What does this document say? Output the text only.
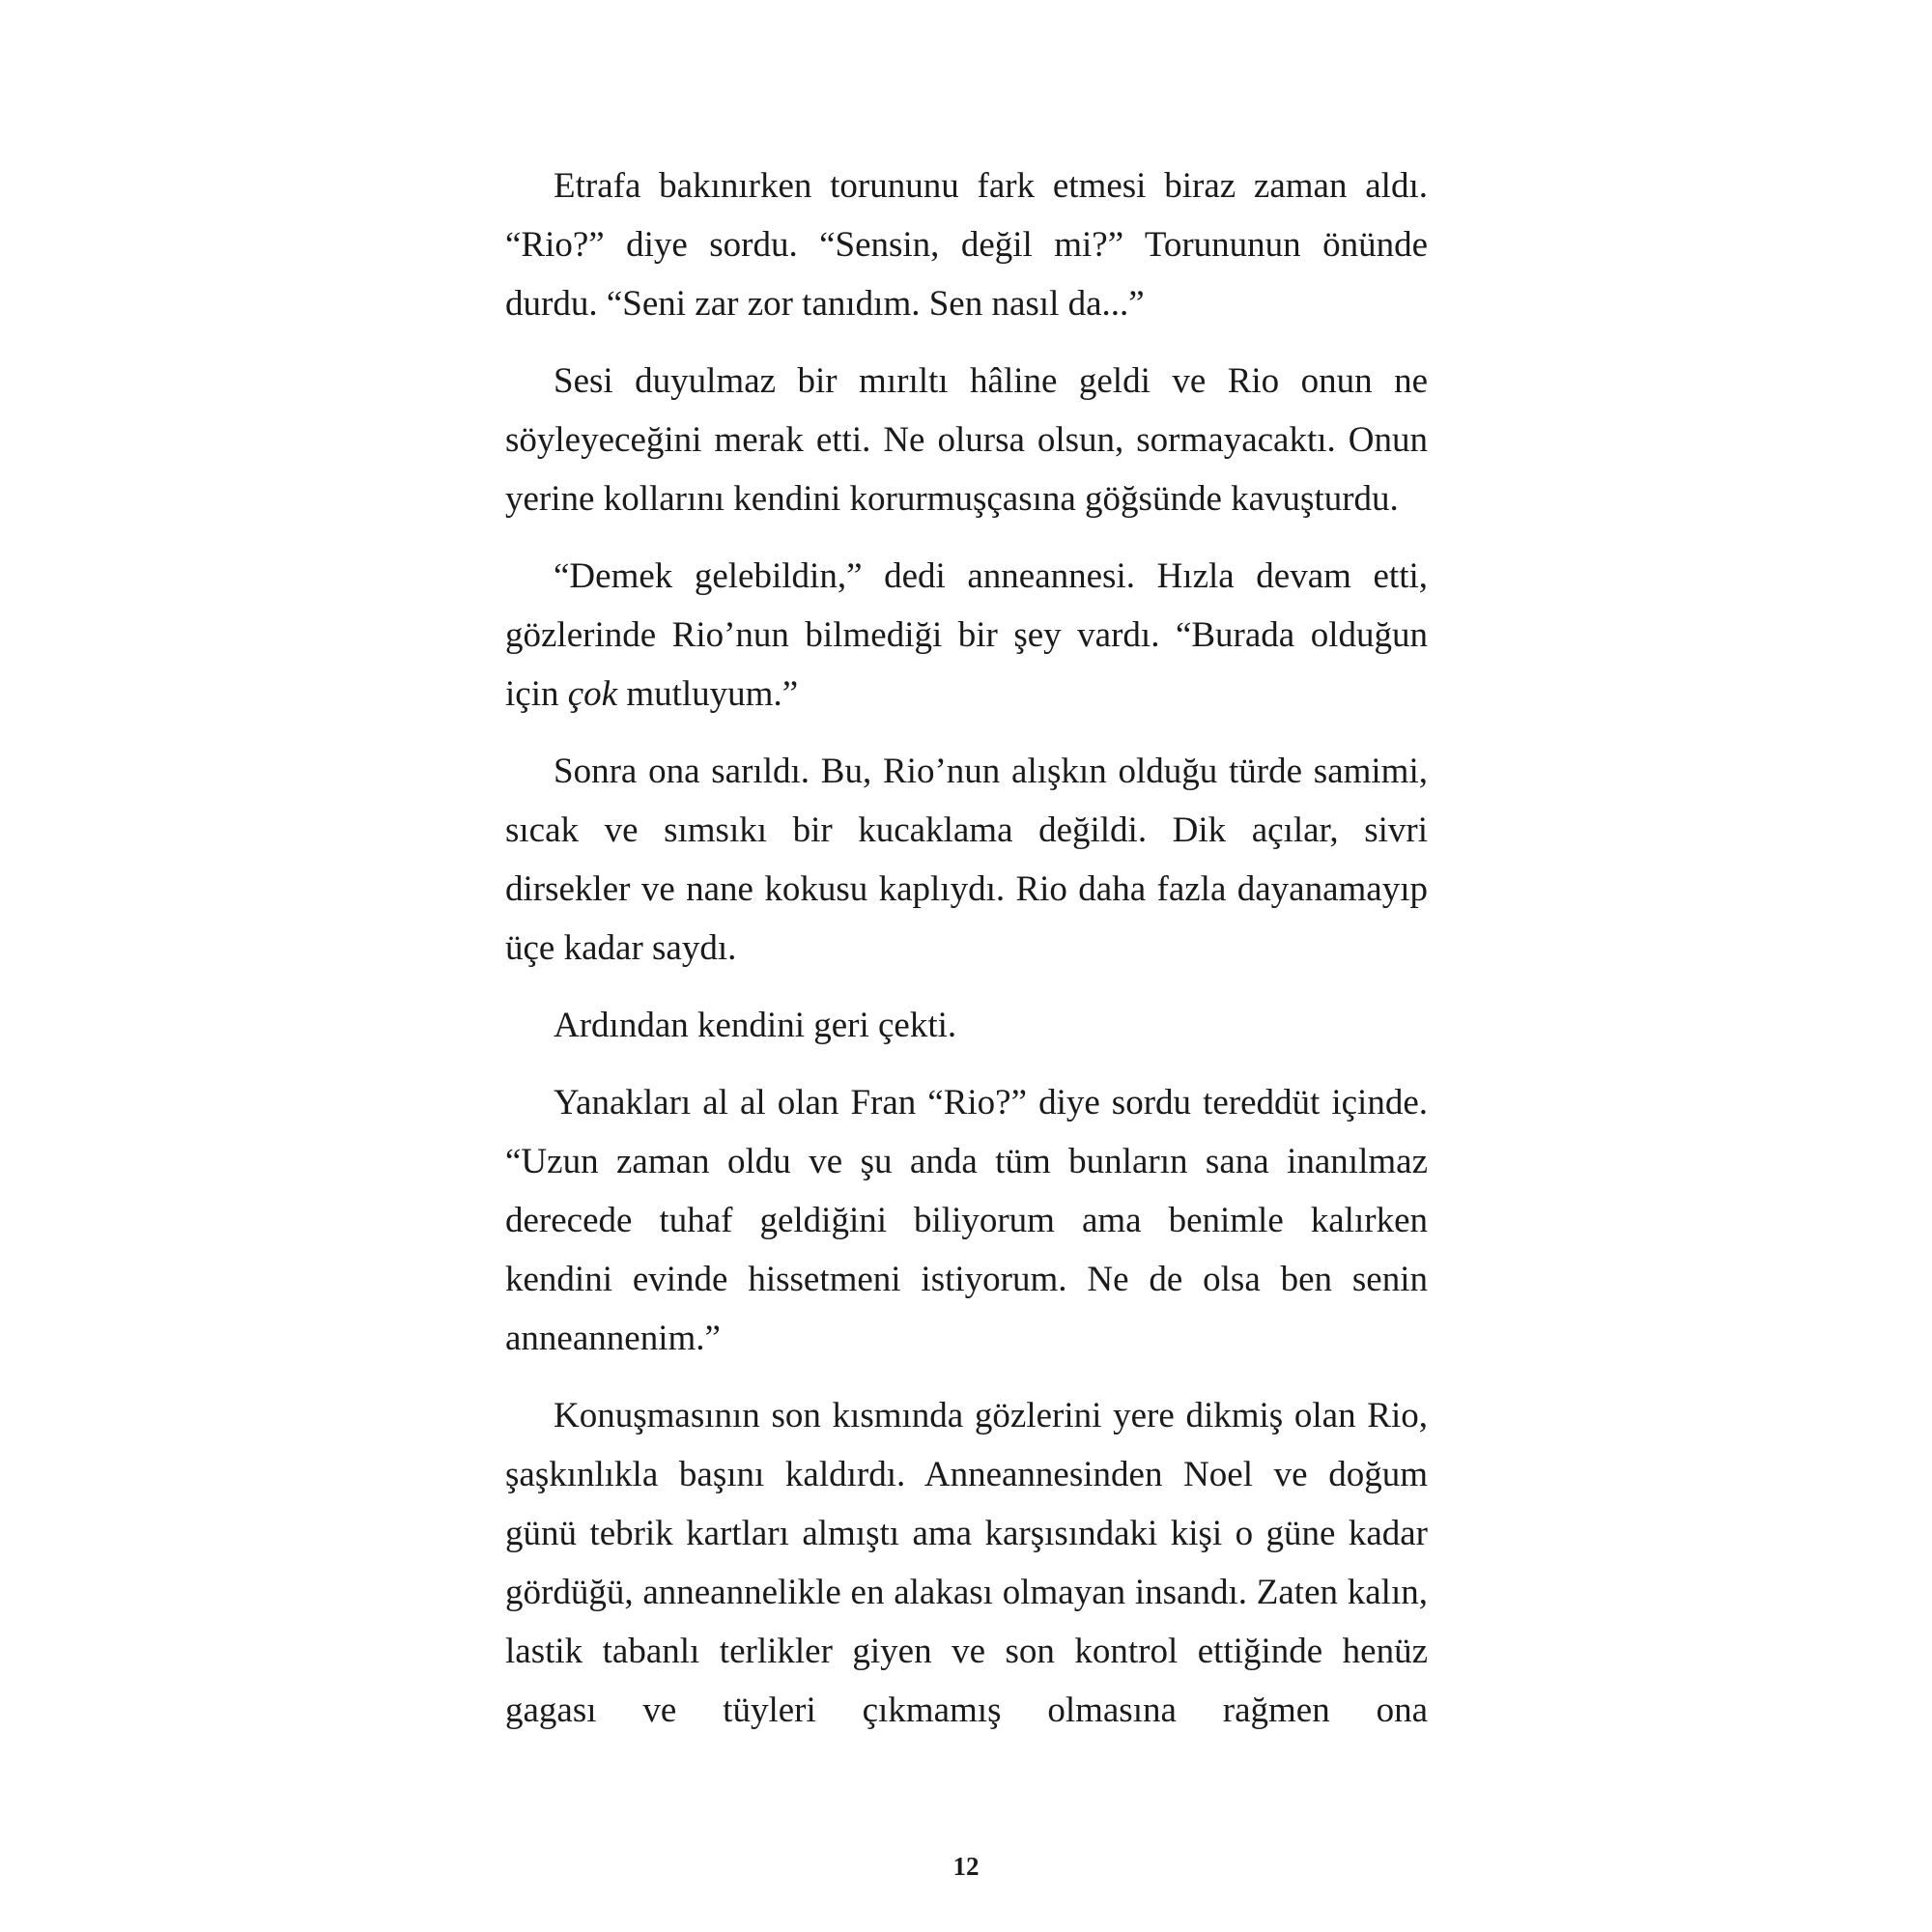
Etrafa bakınırken torununu fark etmesi biraz zaman aldı. “Rio?” diye sordu. “Sensin, değil mi?” Torununun önünde durdu. “Seni zar zor tanıdım. Sen nasıl da...”

Sesi duyulmaz bir mırıltı hâline geldi ve Rio onun ne söyleyeceğini merak etti. Ne olursa olsun, sormayacaktı. Onun yerine kollarını kendini korurmuşçasına göğsünde kavuşturdu.

“Demek gelebildin,” dedi anneannesi. Hızla devam etti, gözlerinde Rio’nun bilmediği bir şey vardı. “Burada olduğun için çok mutluyum.”

Sonra ona sarıldı. Bu, Rio’nun alışkın olduğu türde samimi, sıcak ve sımsıkı bir kucaklama değildi. Dik açılar, sivri dirsekler ve nane kokusu kaplıydı. Rio daha fazla dayanamayıp üçe kadar saydı.

Ardından kendini geri çekti.

Yanakları al al olan Fran “Rio?” diye sordu tereddüt içinde. “Uzun zaman oldu ve şu anda tüm bunların sana inanılmaz derecede tuhaf geldiğini biliyorum ama benimle kalırken kendini evinde hissetmeni istiyorum. Ne de olsa ben senin anneannenim.”

Konuşmasının son kısmında gözlerini yere dikmiş olan Rio, şaşkınlıkla başını kaldırdı. Anneannesinden Noel ve doğum günü tebrik kartları almıştı ama karşısındaki kişi o güne kadar gördüğü, anneannelikle en alakası olmayan insandı. Zaten kalın, lastik tabanlı terlikler giyen ve son kontrol ettiğinde henüz gagası ve tüyleri çıkmamış olmasına rağmen ona

12
